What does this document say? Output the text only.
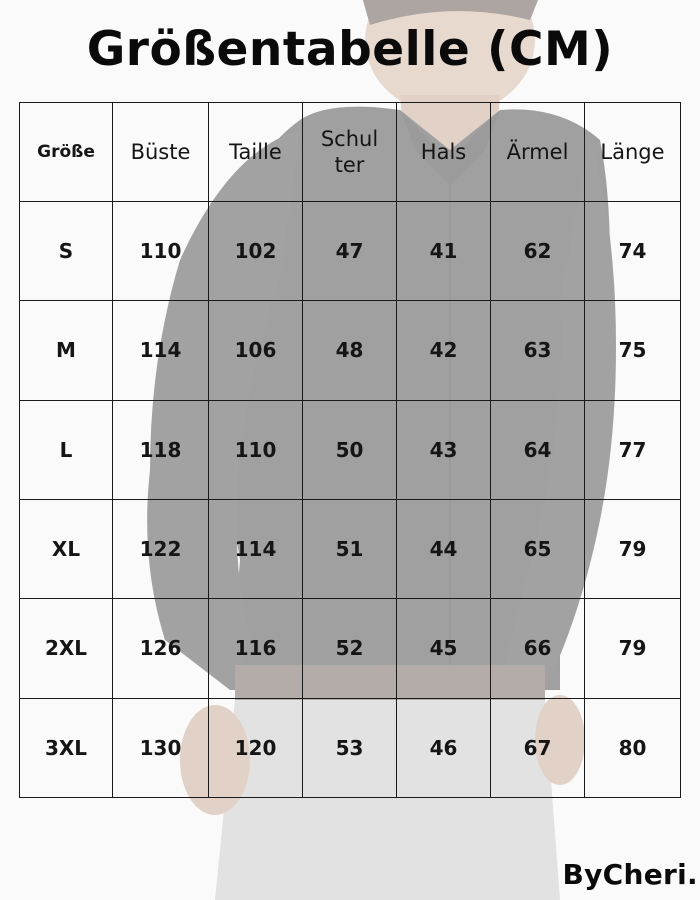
Größentabelle (CM)
Größe	Büste	Taille	Schul ter	Hals	Ärmel	Länge
S	110	102	47	41	62	74
M	114	106	48	42	63	75
L	118	110	50	43	64	77
XL	122	114	51	44	65	79
2XL	126	116	52	45	66	79
3XL	130	120	53	46	67	80
ByCheri.
